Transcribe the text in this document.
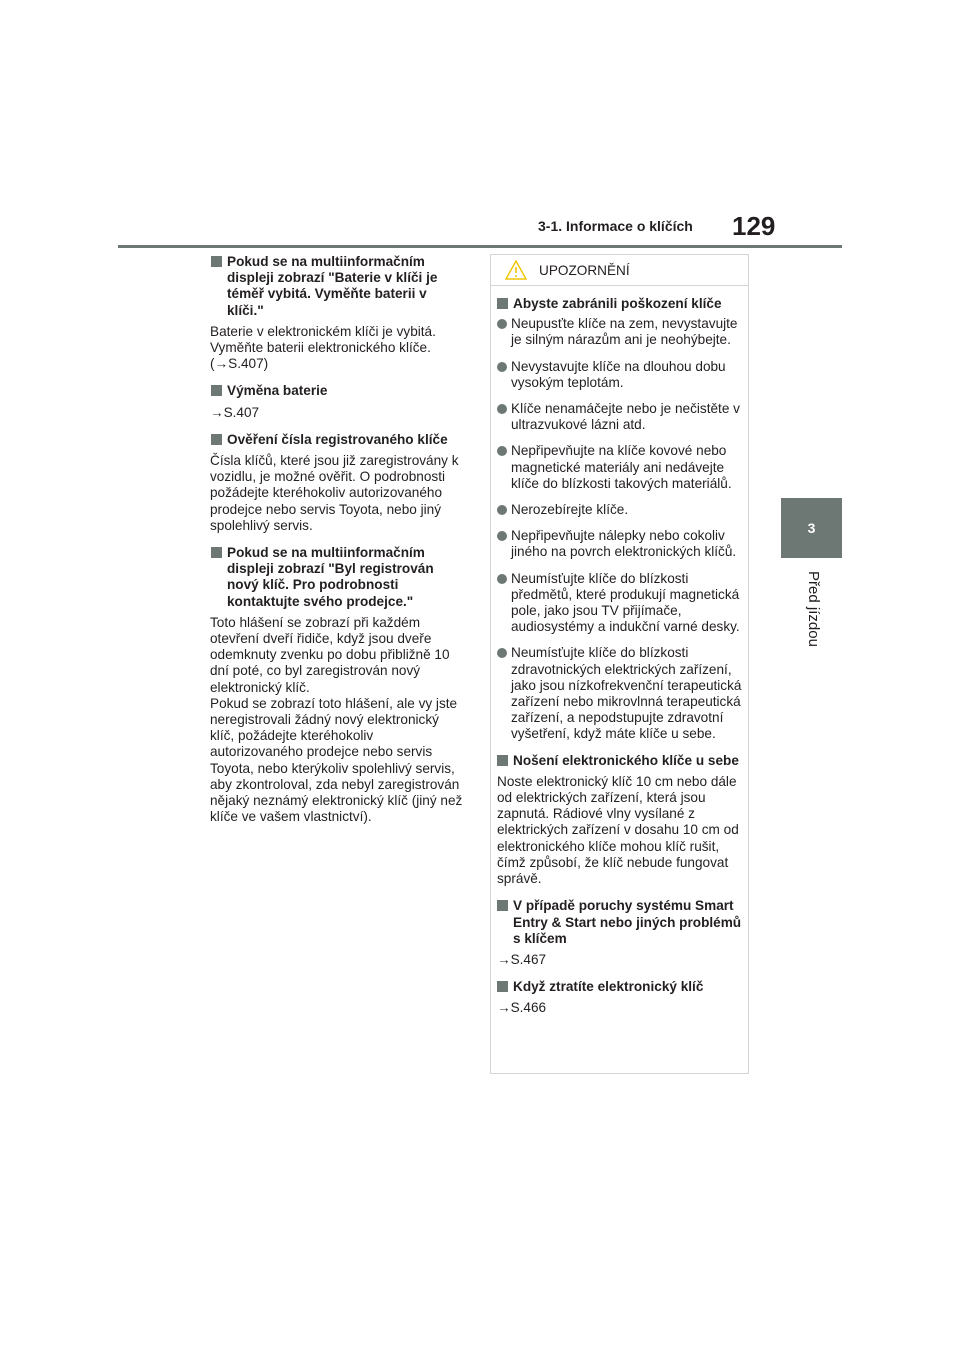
3-1. Informace o klíčích 129
3
Před jízdou
Pokud se na multiinformačním displeji zobrazí "Baterie v klíči je téměř vybitá. Vyměňte baterii v klíči."

Baterie v elektronickém klíči je vybitá. Vyměňte baterii elektronického klíče. (→S.407)

Výměna baterie

→S.407

Ověření čísla registrovaného klíče

Čísla klíčů, které jsou již zaregistrovány k vozidlu, je možné ověřit. O podrobnosti požádejte kteréhokoliv autorizovaného prodejce nebo servis Toyota, nebo jiný spolehlivý servis.

Pokud se na multiinformačním displeji zobrazí "Byl registrován nový klíč. Pro podrobnosti kontaktujte svého prodejce."

Toto hlášení se zobrazí při každém otevření dveří řidiče, když jsou dveře odemknuty zvenku po dobu přibližně 10 dní poté, co byl zaregistrován nový elektronický klíč.

Pokud se zobrazí toto hlášení, ale vy jste neregistrovali žádný nový elektronický klíč, požádejte kteréhokoliv autorizovaného prodejce nebo servis Toyota, nebo kterýkoliv spolehlivý servis, aby zkontroloval, zda nebyl zaregistrován nějaký neznámý elektronický klíč (jiný než klíče ve vašem vlastnictví).

UPOZORNĚNÍ
Abyste zabránili poškození klíče
Neupusťte klíče na zem, nevystavujte je silným nárazům ani je neohýbejte.
Nevystavujte klíče na dlouhou dobu vysokým teplotám.
Klíče nenamáčejte nebo je nečistěte v ultrazvukové lázni atd.
Nepřipevňujte na klíče kovové nebo magnetické materiály ani nedávejte klíče do blízkosti takových materiálů.
Nerozebírejte klíče.
Nepřipevňujte nálepky nebo cokoliv jiného na povrch elektronických klíčů.
Neumísťujte klíče do blízkosti předmětů, které produkují magnetická pole, jako jsou TV přijímače, audiosystémy a indukční varné desky.
Neumísťujte klíče do blízkosti zdravotnických elektrických zařízení, jako jsou nízkofrekvenční terapeutická zařízení nebo mikrovlnná terapeutická zařízení, a nepodstupujte zdravotní vyšetření, když máte klíče u sebe.
Nošení elektronického klíče u sebe

Noste elektronický klíč 10 cm nebo dále od elektrických zařízení, která jsou zapnutá. Rádiové vlny vysílané z elektrických zařízení v dosahu 10 cm od elektronického klíče mohou klíč rušit, čímž způsobí, že klíč nebude fungovat správě.

V případě poruchy systému Smart Entry & Start nebo jiných problémů s klíčem

→S.467

Když ztratíte elektronický klíč

→S.466
